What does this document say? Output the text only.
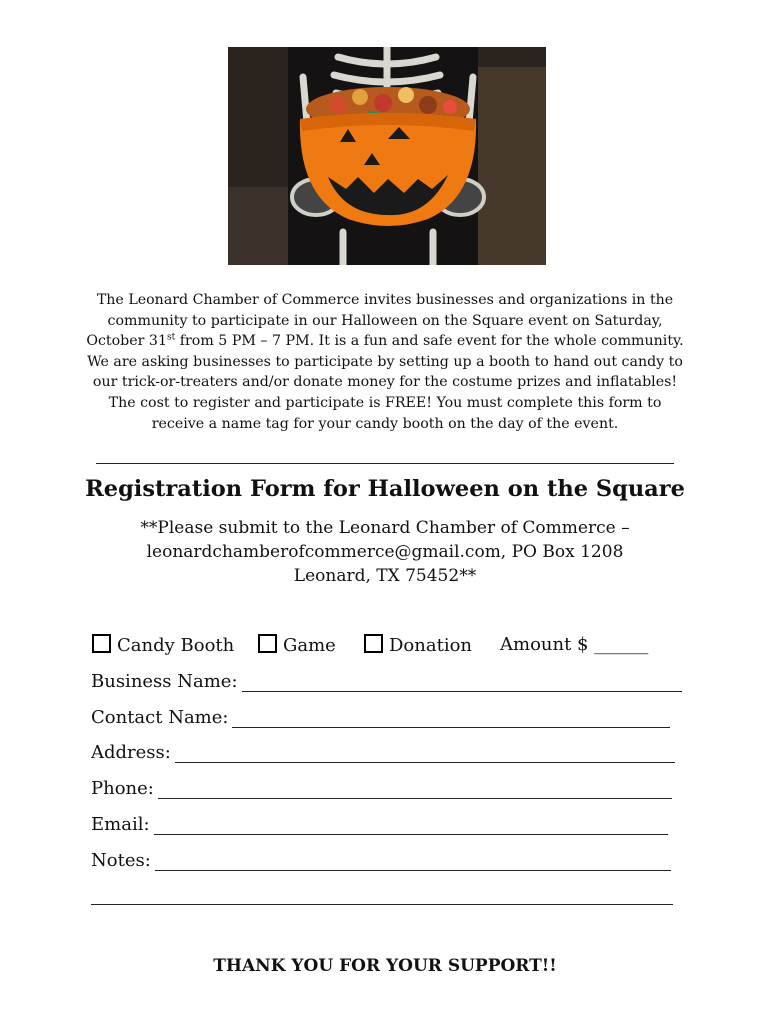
The Leonard Chamber of Commerce invites businesses and organizations in the community to participate in our Halloween on the Square event on Saturday, October 31st from 5 PM – 7 PM. It is a fun and safe event for the whole community. We are asking businesses to participate by setting up a booth to hand out candy to our trick-or-treaters and/or donate money for the costume prizes and inflatables! The cost to register and participate is FREE! You must complete this form to receive a name tag for your candy booth on the day of the event.

Registration Form for Halloween on the Square
**Please submit to the Leonard Chamber of Commerce –
leonardchamberofcommerce@gmail.com, PO Box 1208
Leonard, TX 75452**
Candy Booth	Game	Donation Amount $ ______
Business Name:
Contact Name:
Address:
Phone:
Email:
Notes:

THANK YOU FOR YOUR SUPPORT!!
